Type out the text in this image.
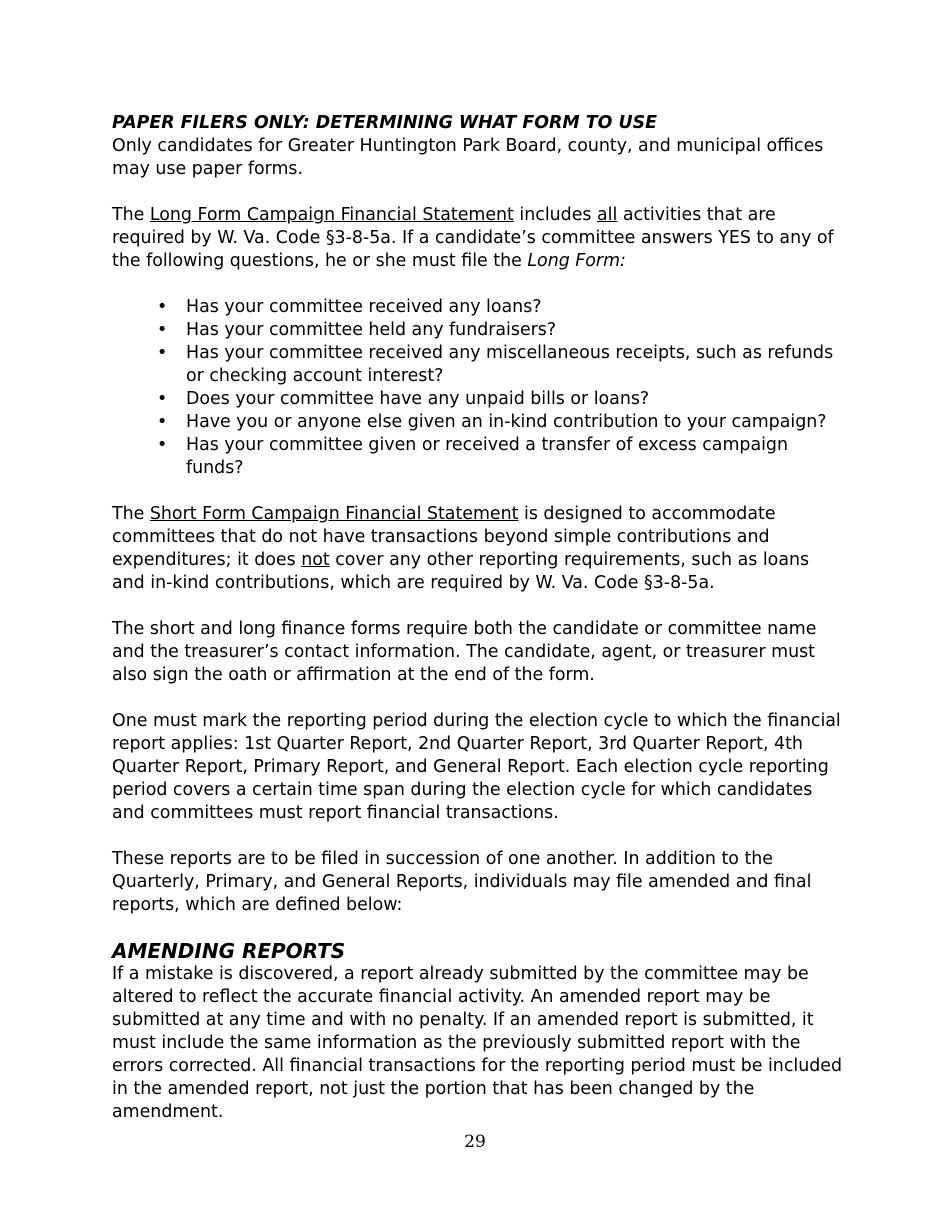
PAPER FILERS ONLY: DETERMINING WHAT FORM TO USE

Only candidates for Greater Huntington Park Board, county, and municipal offices may use paper forms.

The Long Form Campaign Financial Statement includes all activities that are required by W. Va. Code §3-8-5a. If a candidate’s committee answers YES to any of the following questions, he or she must file the Long Form:

• Has your committee received any loans?
• Has your committee held any fundraisers?
• Has your committee received any miscellaneous receipts, such as refunds or checking account interest?
• Does your committee have any unpaid bills or loans?
• Have you or anyone else given an in-kind contribution to your campaign?
• Has your committee given or received a transfer of excess campaign funds?

The Short Form Campaign Financial Statement is designed to accommodate committees that do not have transactions beyond simple contributions and expenditures; it does not cover any other reporting requirements, such as loans and in-kind contributions, which are required by W. Va. Code §3-8-5a.

The short and long finance forms require both the candidate or committee name and the treasurer’s contact information. The candidate, agent, or treasurer must also sign the oath or affirmation at the end of the form.

One must mark the reporting period during the election cycle to which the financial report applies: 1st Quarter Report, 2nd Quarter Report, 3rd Quarter Report, 4th Quarter Report, Primary Report, and General Report. Each election cycle reporting period covers a certain time span during the election cycle for which candidates and committees must report financial transactions.

These reports are to be filed in succession of one another. In addition to the Quarterly, Primary, and General Reports, individuals may file amended and final reports, which are defined below:

AMENDING REPORTS

If a mistake is discovered, a report already submitted by the committee may be altered to reflect the accurate financial activity. An amended report may be submitted at any time and with no penalty. If an amended report is submitted, it must include the same information as the previously submitted report with the errors corrected. All financial transactions for the reporting period must be included in the amended report, not just the portion that has been changed by the amendment.

29
